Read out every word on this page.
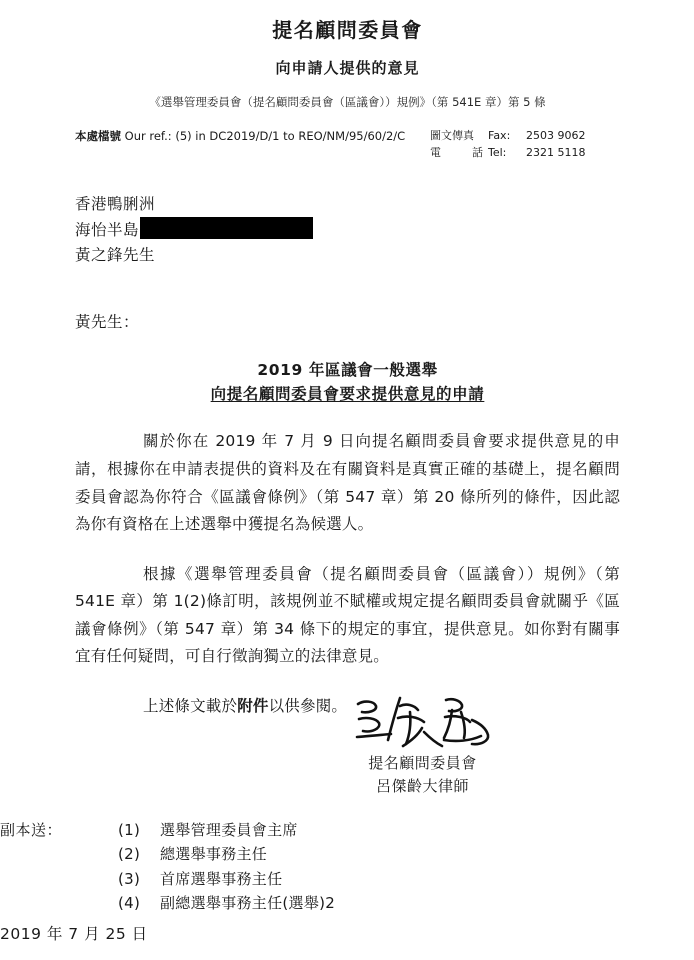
提名顧問委員會
向申請人提供的意見
《選舉管理委員會（提名顧問委員會（區議會））規例》（第 541E 章）第 5 條
本處檔號 Our ref.: (5) in DC2019/D/1 to REO/NM/95/60/2/C 圖文傳真	Fax:	2503 9062
電　話
Tel:	2321 5118
香港鴨脷洲
海怡半島
黃之鋒先生
黃先生：
2019 年區議會一般選舉
向提名顧問委員會要求提供意見的申請
關於你在 2019 年 7 月 9 日向提名顧問委員會要求提供意見的申請，根據你在申請表提供的資料及在有關資料是真實正確的基礎上，提名顧問委員會認為你符合《區議會條例》（第 547 章）第 20 條所列的條件，因此認為你有資格在上述選舉中獲提名為候選人。
根據《選舉管理委員會（提名顧問委員會（區議會））規例》（第 541E 章）第 1(2)條訂明，該規例並不賦權或規定提名顧問委員會就關乎《區議會條例》（第 547 章）第 34 條下的規定的事宜，提供意見。如你對有關事宜有任何疑問，可自行徵詢獨立的法律意見。
上述條文載於附件以供參閱。
提名顧問委員會
呂傑齡大律師
副本送：	(1) 選舉管理委員會主席
(2) 總選舉事務主任
(3) 首席選舉事務主任
(4) 副總選舉事務主任(選舉)2
2019 年 7 月 25 日
